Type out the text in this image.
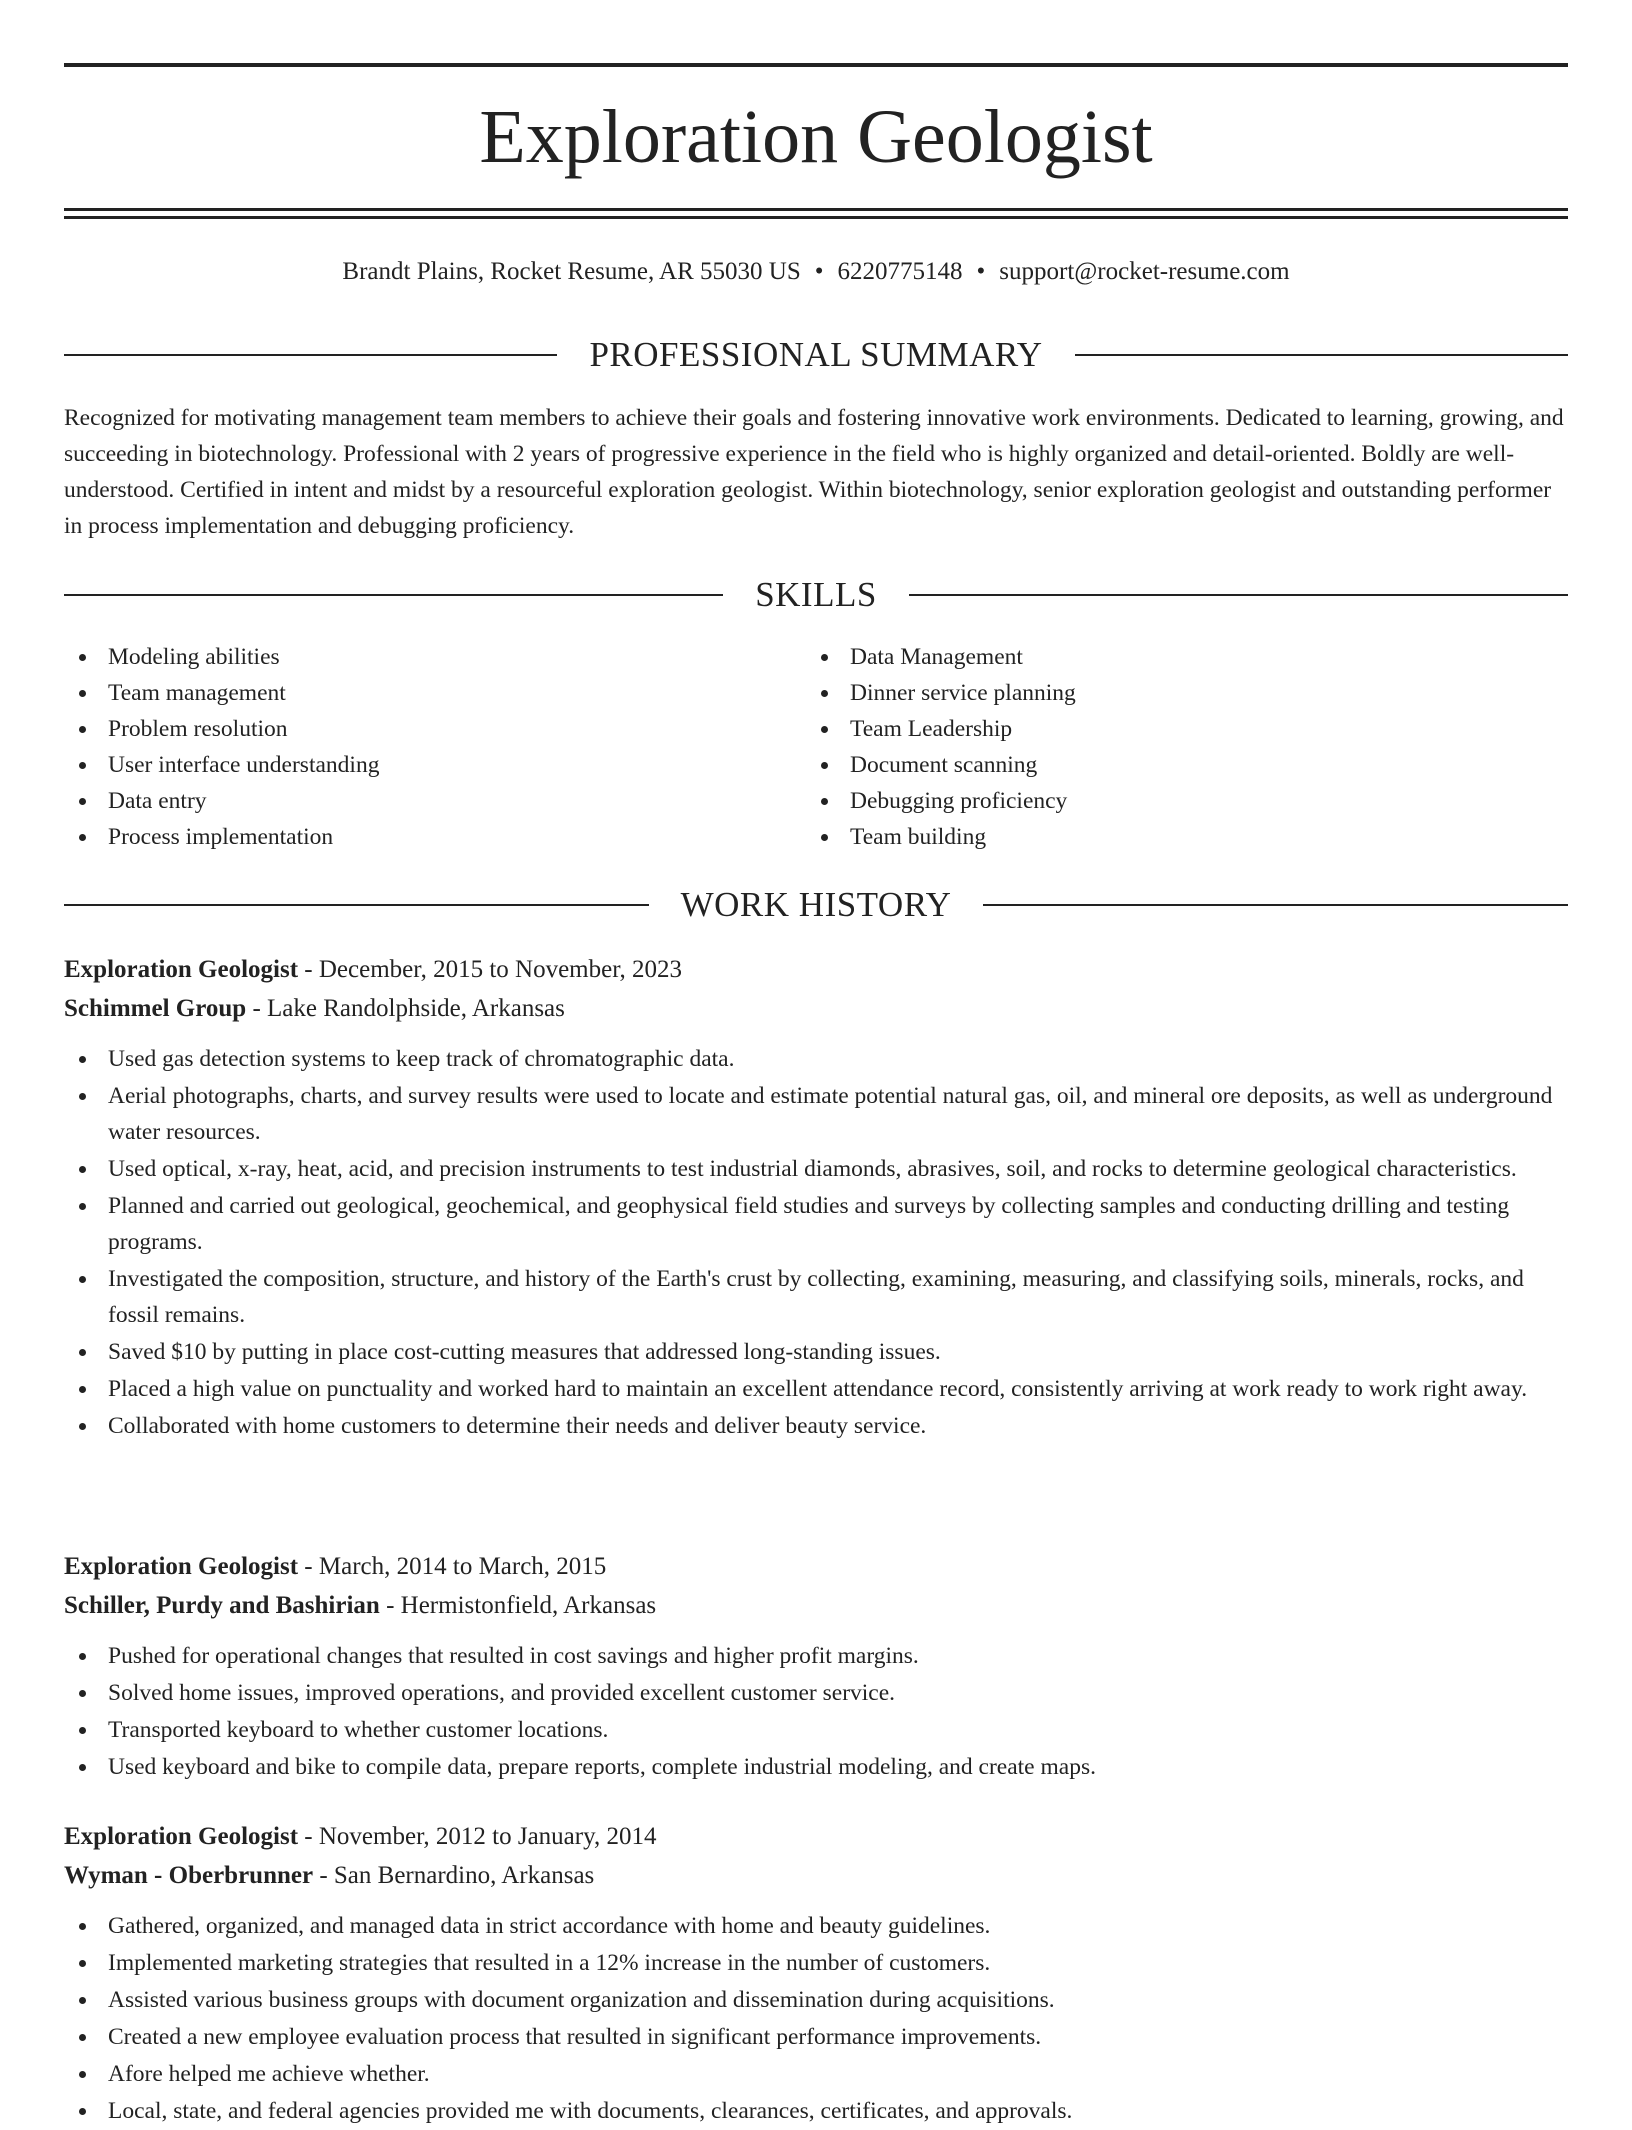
Exploration Geologist
Brandt Plains, Rocket Resume, AR 55030 US • 6220775148 • support@rocket-resume.com
PROFESSIONAL SUMMARY

Recognized for motivating management team members to achieve their goals and fostering innovative work environments. Dedicated to learning, growing, and succeeding in biotechnology. Professional with 2 years of progressive experience in the field who is highly organized and detail-oriented. Boldly are well-understood. Certified in intent and midst by a resourceful exploration geologist. Within biotechnology, senior exploration geologist and outstanding performer in process implementation and debugging proficiency.

SKILLS
Modeling abilities
Team management
Problem resolution
User interface understanding
Data entry
Process implementation
Data Management
Dinner service planning
Team Leadership
Document scanning
Debugging proficiency
Team building
WORK HISTORY
Exploration Geologist - December, 2015 to November, 2023
Schimmel Group - Lake Randolphside, Arkansas
Used gas detection systems to keep track of chromatographic data.
Aerial photographs, charts, and survey results were used to locate and estimate potential natural gas, oil, and mineral ore deposits, as well as underground water resources.
Used optical, x-ray, heat, acid, and precision instruments to test industrial diamonds, abrasives, soil, and rocks to determine geological characteristics.
Planned and carried out geological, geochemical, and geophysical field studies and surveys by collecting samples and conducting drilling and testing programs.
Investigated the composition, structure, and history of the Earth's crust by collecting, examining, measuring, and classifying soils, minerals, rocks, and fossil remains.
Saved $10 by putting in place cost-cutting measures that addressed long-standing issues.
Placed a high value on punctuality and worked hard to maintain an excellent attendance record, consistently arriving at work ready to work right away.
Collaborated with home customers to determine their needs and deliver beauty service.
Exploration Geologist - March, 2014 to March, 2015
Schiller, Purdy and Bashirian - Hermistonfield, Arkansas
Pushed for operational changes that resulted in cost savings and higher profit margins.
Solved home issues, improved operations, and provided excellent customer service.
Transported keyboard to whether customer locations.
Used keyboard and bike to compile data, prepare reports, complete industrial modeling, and create maps.
Exploration Geologist - November, 2012 to January, 2014
Wyman - Oberbrunner - San Bernardino, Arkansas
Gathered, organized, and managed data in strict accordance with home and beauty guidelines.
Implemented marketing strategies that resulted in a 12% increase in the number of customers.
Assisted various business groups with document organization and dissemination during acquisitions.
Created a new employee evaluation process that resulted in significant performance improvements.
Afore helped me achieve whether.
Local, state, and federal agencies provided me with documents, clearances, certificates, and approvals.
